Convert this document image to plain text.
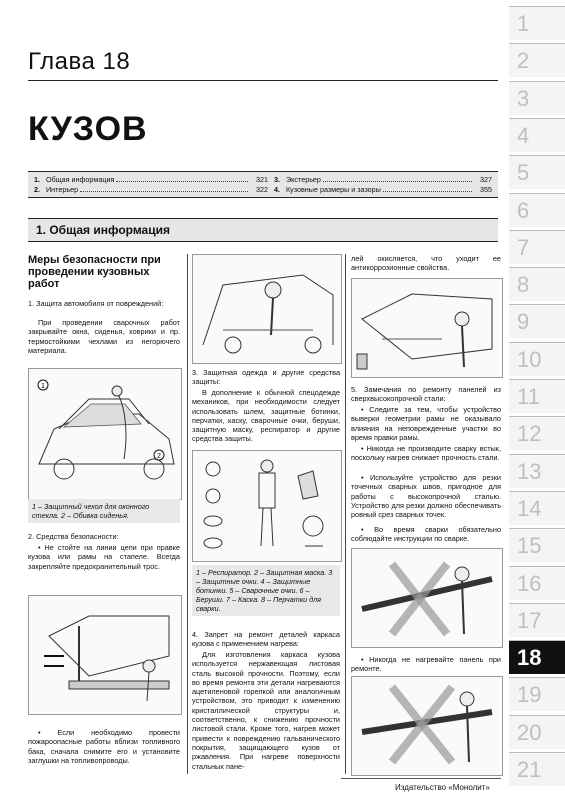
Глава 18
КУЗОВ
1. Общая информация	321
2. Интерьер	322
3. Экстерьер	327
4. Кузовные размеры и зазоры	355
1. Общая информация
Меры безопасности при проведении кузовных работ
1. Защита автомобиля от повреждений:
При проведении сварочных работ закрывайте окна, сиденья, коврики и пр. термостойкими чехлами из негорючего материала.
1
2
1 – Защитный чехол для оконного стекла. 2 – Обивка сиденья.
2. Средства безопасности:
• Не стойте на линии цепи при правке кузова или рамы на стапеле. Всегда закрепляйте предохранительный трос.
• Если необходимо провести пожароопасные работы вблизи топливного бака, сначала снимите его и установите заглушки на топливопроводы.
3. Защитная одежда и другие средства защиты:
В дополнение к обычной спецодежде механиков, при необходимости следует использовать шлем, защитные ботинки, перчатки, каску, сварочные очки, беруши, защитную маску, респиратор и другие средства защиты.
1 – Респиратор. 2 – Защитная маска. 3 – Защитные очки. 4 – Защитные ботинки. 5 – Сварочные очки. 6 – Беруши. 7 – Каска. 8 – Перчатки для сварки.
4. Запрет на ремонт деталей каркаса кузова с применением нагрева:
Для изготовления каркаса кузова используется нержавеющая листовая сталь высокой прочности. Поэтому, если во время ремонта эти детали нагреваются ацетиленовой горелкой или аналогичным устройством, это приводит к изменению кристаллической структуры и, соответственно, к снижению прочности листовой стали. Кроме того, нагрев может привести к повреждению гальванического покрытия, защищающего кузов от ржавления. При нагреве поверхности стальных пане-
лей окисляется, что уходит ее антикоррозионные свойства.
5. Замечания по ремонту панелей из сверхвысокопрочной стали:
• Следите за тем, чтобы устройство выверки геометрии рамы не оказывало влияния на неповрежденные участки во время правки рамы.
• Никогда не производите сварку встык, поскольку нагрев снижает прочность стали.
• Используйте устройство для резки точечных сварных швов, пригодное для работы с высокопрочной сталью. Устройство для резки должно обеспечивать ровный срез сварных точек.
• Во время сварки обязательно соблюдайте инструкции по сварке.
• Никогда не нагревайте панель при ремонте.
Издательство «Монолит»
1
2
3
4
5
6
7
8
9
10
11
12
13
14
15
16
17
18
19
20
21
